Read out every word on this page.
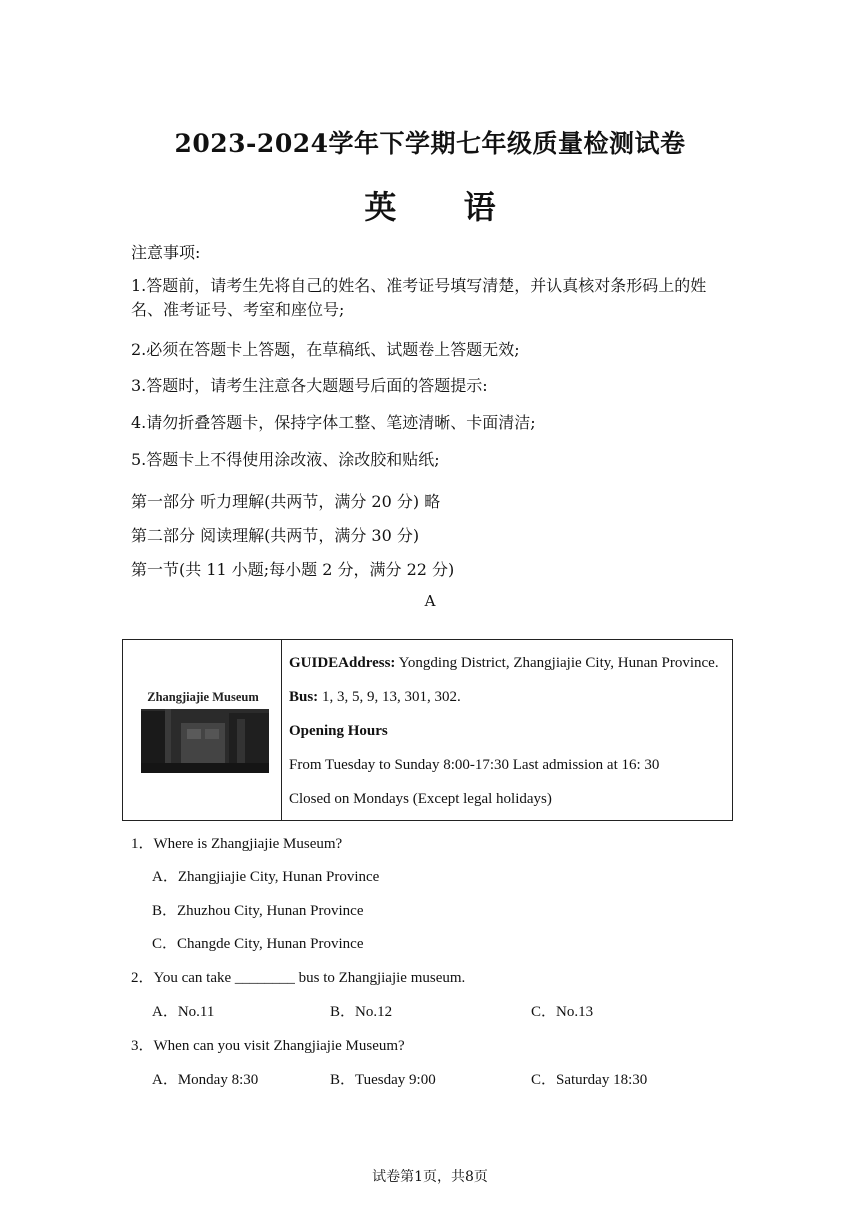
2023-2024学年下学期七年级质量检测试卷
英 语
注意事项:
1.答题前，请考生先将自己的姓名、准考证号填写清楚，并认真核对条形码上的姓名、准考证号、考室和座位号;
2.必须在答题卡上答题，在草稿纸、试题卷上答题无效;
3.答题时，请考生注意各大题题号后面的答题提示:
4.请勿折叠答题卡，保持字体工整、笔迹清晰、卡面清洁;
5.答题卡上不得使用涂改液、涂改胶和贴纸;
第一部分 听力理解(共两节，满分 20 分) 略
第二部分 阅读理解(共两节，满分 30 分)
第一节(共 11 小题;每小题 2 分，满分 22 分)
A
Zhangjiajie Museum
GUIDEAddress: Yongding District, Zhangjiajie City, Hunan Province.
Bus: 1, 3, 5, 9, 13, 301, 302.
Opening Hours
From Tuesday to Sunday 8:00-17:30 Last admission at 16: 30
Closed on Mondays (Except legal holidays)
1．Where is Zhangjiajie Museum?
A．Zhangjiajie City, Hunan Province
B．Zhuzhou City, Hunan Province
C．Changde City, Hunan Province
2．You can take ________ bus to Zhangjiajie museum.
A．No.11	B．No.12	C．No.13
3．When can you visit Zhangjiajie Museum?
A．Monday 8:30	B．Tuesday 9:00	C．Saturday 18:30
试卷第1页，共8页
